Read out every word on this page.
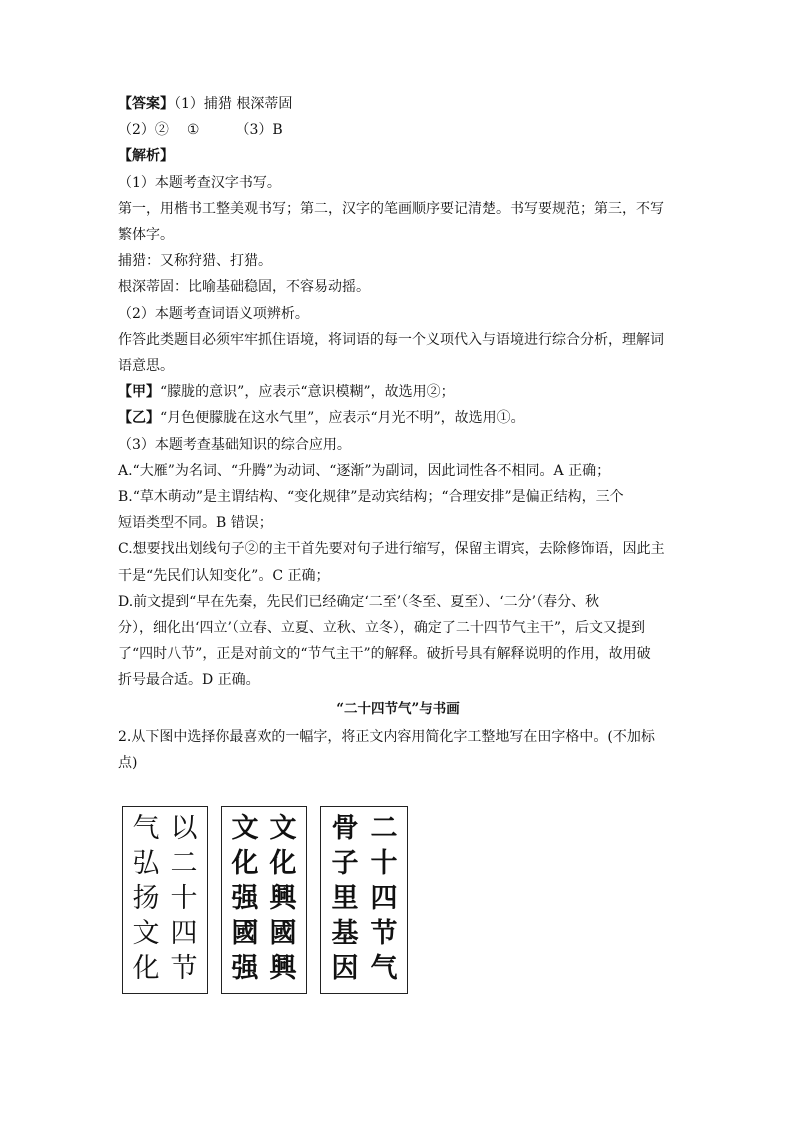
【答案】（1）捕猎 根深蒂固
（2）② ①	（3）B
【解析】
（1）本题考查汉字书写。
第一，用楷书工整美观书写；第二，汉字的笔画顺序要记清楚。书写要规范；第三，不写
繁体字。
捕猎：又称狩猎、打猎。
根深蒂固：比喻基础稳固，不容易动摇。
（2）本题考查词语义项辨析。
作答此类题目必须牢牢抓住语境，将词语的每一个义项代入与语境进行综合分析，理解词
语意思。
【甲】“朦胧的意识”，应表示“意识模糊”，故选用②；
【乙】“月色便朦胧在这水气里”，应表示“月光不明”，故选用①。
（3）本题考查基础知识的综合应用。
A.“大雁”为名词、“升腾”为动词、“逐渐”为副词，因此词性各不相同。A 正确；
B.“草木萌动”是主谓结构、“变化规律”是动宾结构；“合理安排”是偏正结构，三个
短语类型不同。B 错误；
C.想要找出划线句子②的主干首先要对句子进行缩写，保留主谓宾，去除修饰语，因此主
干是“先民们认知变化”。C 正确；
D.前文提到“早在先秦，先民们已经确定‘二至’（冬至、夏至）、‘二分’（春分、秋
分），细化出‘四立’（立春、立夏、立秋、立冬），确定了二十四节气主干”，后文又提到
了“四时八节”，正是对前文的“节气主干”的解释。破折号具有解释说明的作用，故用破
折号最合适。D 正确。
“二十四节气”与书画
2.从下图中选择你最喜欢的一幅字，将正文内容用简化字工整地写在田字格中。(不加标
点)
气
弘
扬
文
化
以
二
十
四
节
文
化
强
國
强
文
化
興
國
興
骨
子
里
基
因
二
十
四
节
气
